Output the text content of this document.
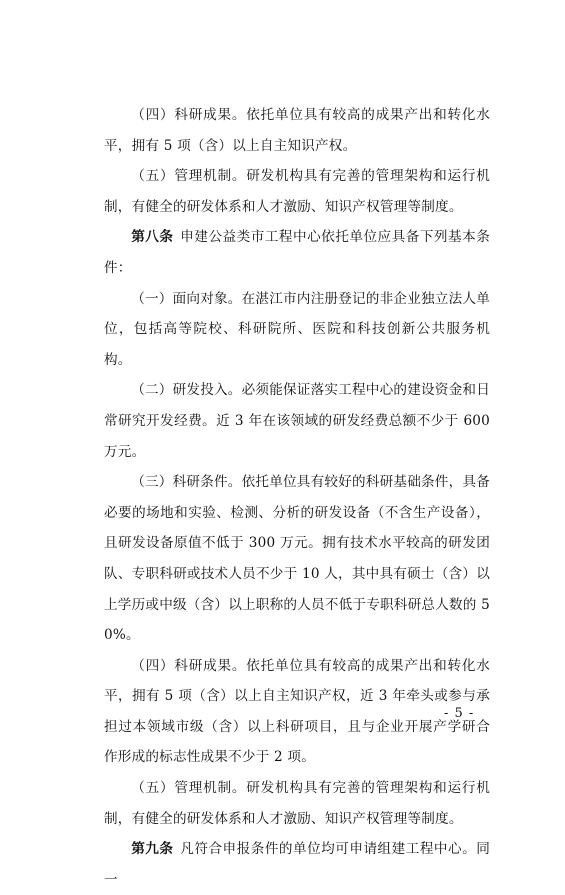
（四）科研成果。依托单位具有较高的成果产出和转化水平，拥有 5 项（含）以上自主知识产权。

（五）管理机制。研发机构具有完善的管理架构和运行机制，有健全的研发体系和人才激励、知识产权管理等制度。

第八条 申建公益类市工程中心依托单位应具备下列基本条件：

（一）面向对象。在湛江市内注册登记的非企业独立法人单位，包括高等院校、科研院所、医院和科技创新公共服务机构。

（二）研发投入。必须能保证落实工程中心的建设资金和日常研究开发经费。近 3 年在该领域的研发经费总额不少于 600 万元。

（三）科研条件。依托单位具有较好的科研基础条件，具备必要的场地和实验、检测、分析的研发设备（不含生产设备），且研发设备原值不低于 300 万元。拥有技术水平较高的研发团队、专职科研或技术人员不少于 10 人，其中具有硕士（含）以上学历或中级（含）以上职称的人员不低于专职科研总人数的 50%。

（四）科研成果。依托单位具有较高的成果产出和转化水平，拥有 5 项（含）以上自主知识产权，近 3 年牵头或参与承担过本领域市级（含）以上科研项目，且与企业开展产学研合作形成的标志性成果不少于 2 项。

（五）管理机制。研发机构具有完善的管理架构和运行机制，有健全的研发体系和人才激励、知识产权管理等制度。

第九条 凡符合申报条件的单位均可申请组建工程中心。同一

- 5 -
